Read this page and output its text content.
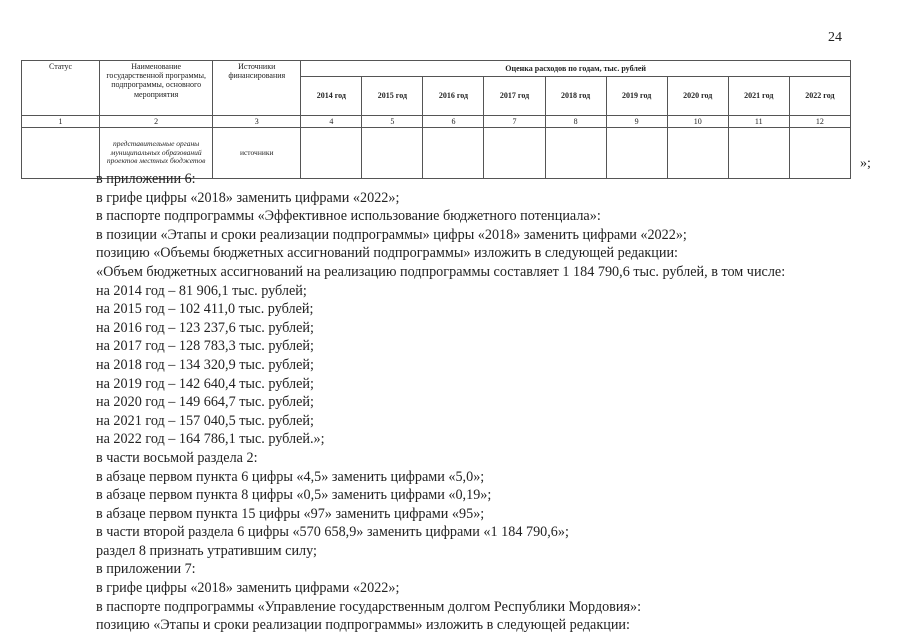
24
Статус	Наименование государственной программы, подпрограммы, основного мероприятия	Источники финансирования	Оценка расходов по годам, тыс. рублей								
			2014 год	2015 год	2016 год	2017 год	2018 год	2019 год	2020 год	2021 год	2022 год
1	2	3	4	5	6	7	8	9	10	11	12
	представительные органы муниципальных образований проектов местных бюджетов	источники									
»;
в приложении 6:
в грифе цифры «2018» заменить цифрами «2022»;
в паспорте подпрограммы «Эффективное использование бюджетного потенциала»:
в позиции «Этапы и сроки реализации подпрограммы» цифры «2018» заменить цифрами «2022»;
позицию «Объемы бюджетных ассигнований подпрограммы» изложить в следующей редакции:
«Объем бюджетных ассигнований на реализацию подпрограммы составляет 1 184 790,6 тыс. рублей, в том числе:
на 2014 год – 81 906,1 тыс. рублей;
на 2015 год – 102 411,0 тыс. рублей;
на 2016 год – 123 237,6 тыс. рублей;
на 2017 год – 128 783,3 тыс. рублей;
на 2018 год – 134 320,9 тыс. рублей;
на 2019 год – 142 640,4 тыс. рублей;
на 2020 год – 149 664,7 тыс. рублей;
на 2021 год – 157 040,5 тыс. рублей;
на 2022 год – 164 786,1 тыс. рублей.»;
в части восьмой раздела 2:
в абзаце первом пункта 6 цифры «4,5» заменить цифрами «5,0»;
в абзаце первом пункта 8 цифры «0,5» заменить цифрами «0,19»;
в абзаце первом пункта 15 цифры «97» заменить цифрами «95»;
в части второй раздела 6 цифры «570 658,9» заменить цифрами «1 184 790,6»;
раздел 8 признать утратившим силу;
в приложении 7:
в грифе цифры «2018» заменить цифрами «2022»;
в паспорте подпрограммы «Управление государственным долгом Республики Мордовия»:
позицию «Этапы и сроки реализации подпрограммы» изложить в следующей редакции:
